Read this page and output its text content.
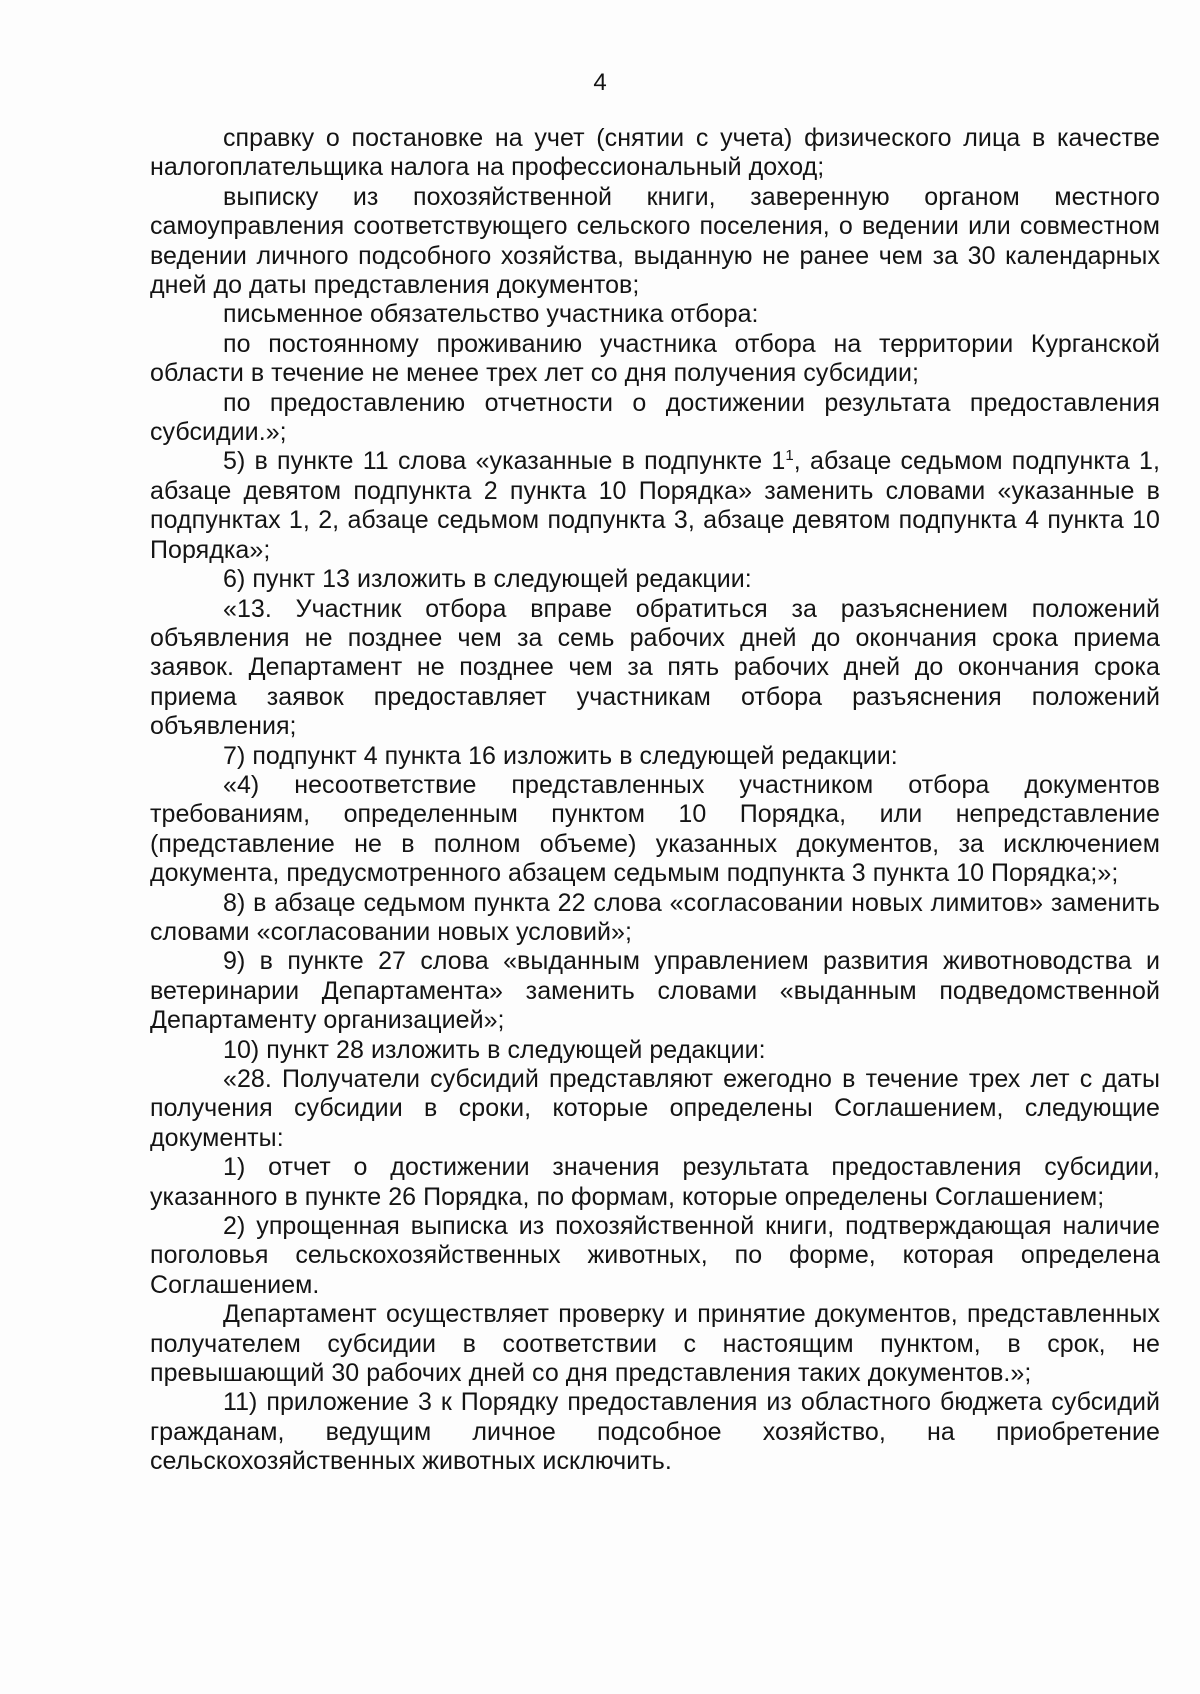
4

справку о постановке на учет (снятии с учета) физического лица в качестве налогоплательщика налога на профессиональный доход;

выписку из похозяйственной книги, заверенную органом местного самоуправления соответствующего сельского поселения, о ведении или совместном ведении личного подсобного хозяйства, выданную не ранее чем за 30 календарных дней до даты представления документов;

письменное обязательство участника отбора:

по постоянному проживанию участника отбора на территории Курганской области в течение не менее трех лет со дня получения субсидии;

по предоставлению отчетности о достижении результата предоставления субсидии.»;

5) в пункте 11 слова «указанные в подпункте $1^1$, абзаце седьмом подпункта 1, абзаце девятом подпункта 2 пункта 10 Порядка» заменить словами «указанные в подпунктах 1, 2, абзаце седьмом подпункта 3, абзаце девятом подпункта 4 пункта 10 Порядка»;

6) пункт 13 изложить в следующей редакции:

«13. Участник отбора вправе обратиться за разъяснением положений объявления не позднее чем за семь рабочих дней до окончания срока приема заявок. Департамент не позднее чем за пять рабочих дней до окончания срока приема заявок предоставляет участникам отбора разъяснения положений объявления;

7) подпункт 4 пункта 16 изложить в следующей редакции:

«4) несоответствие представленных участником отбора документов требованиям, определенным пунктом 10 Порядка, или непредставление (представление не в полном объеме) указанных документов, за исключением документа, предусмотренного абзацем седьмым подпункта 3 пункта 10 Порядка;»;

8) в абзаце седьмом пункта 22 слова «согласовании новых лимитов» заменить словами «согласовании новых условий»;

9) в пункте 27 слова «выданным управлением развития животноводства и ветеринарии Департамента» заменить словами «выданным подведомственной Департаменту организацией»;

10) пункт 28 изложить в следующей редакции:

«28. Получатели субсидий представляют ежегодно в течение трех лет с даты получения субсидии в сроки, которые определены Соглашением, следующие документы:

1) отчет о достижении значения результата предоставления субсидии, указанного в пункте 26 Порядка, по формам, которые определены Соглашением;

2) упрощенная выписка из похозяйственной книги, подтверждающая наличие поголовья сельскохозяйственных животных, по форме, которая определена Соглашением.

Департамент осуществляет проверку и принятие документов, представленных получателем субсидии в соответствии с настоящим пунктом, в срок, не превышающий 30 рабочих дней со дня представления таких документов.»;

11) приложение 3 к Порядку предоставления из областного бюджета субсидий гражданам, ведущим личное подсобное хозяйство, на приобретение сельскохозяйственных животных исключить.
